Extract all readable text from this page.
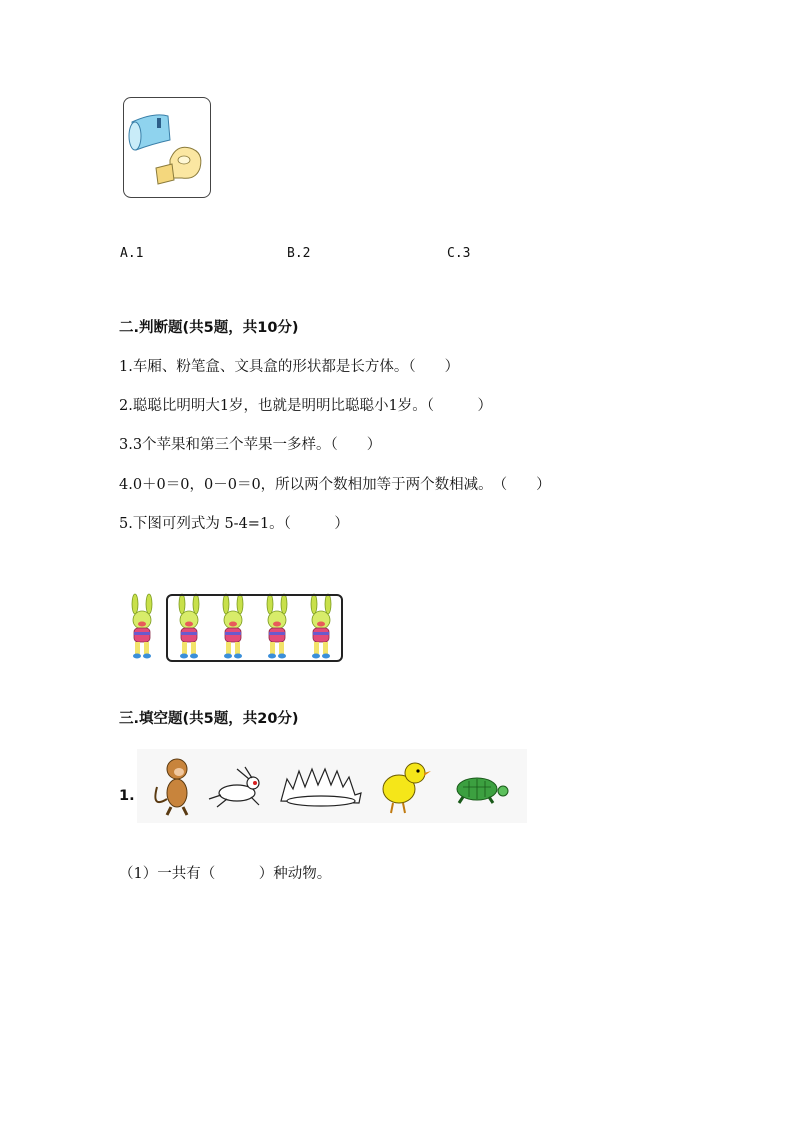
A.1	B.2	C.3
二.判断题(共5题，共10分)
1.车厢、粉笔盒、文具盒的形状都是长方体。（　　）
2.聪聪比明明大1岁，也就是明明比聪聪小1岁。（　　　）
3.3个苹果和第三个苹果一多样。（　　）
4.0＋0＝0，0－0＝0，所以两个数相加等于两个数相减。　（　　）
5.下图可列式为 5-4=1。（　　　）
三.填空题(共5题，共20分)
1.
（1）一共有（　　　）种动物。
